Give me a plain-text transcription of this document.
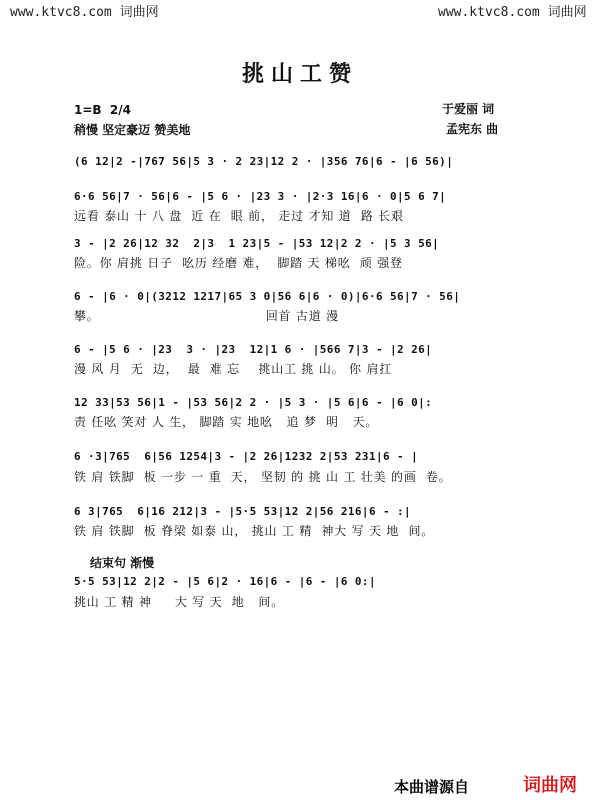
www.ktvc8.com 词曲网	www.ktvc8.com 词曲网
挑山工赞
1=B  2/4
稍慢 坚定豪迈 赞美地
于爱丽 词
孟宪东 曲
(6 12|2 -|767 56|5 3 · 2 23|12 2 · |356 76|6 - |6 56)|
6·6 56|7 · 56|6 - |5 6 · |23 3 · |2·3 16|6 · 0|5 6 7|
远看 泰山 十 八 盘  近 在  眼 前， 走过 才知 道  路 长艰
3 - |2 26|12 32  2|3  1 23|5 - |53 12|2 2 · |5 3 56|
险。你 肩挑 日子  吆历 经磨 难，  脚踏 天 梯吆  顽 强登
6 - |6 · 0|(3212 1217|65 3 0|56 6|6 · 0)|6·6 56|7 · 56|
攀。                                    回首 古道 漫
6 - |5 6 · |23  3 · |23  12|1 6 · |566 7|3 - |2 26|
漫 风 月  无  边，  最  难 忘    挑山工 挑 山。 你 肩扛
12 33|53 56|1 - |53 56|2 2 · |5 3 · |5 6|6 - |6 0|:
责 任吆 笑对 人 生， 脚踏 实 地吆   追 梦  明   天。
6 ·3|765  6|56 1254|3 - |2 26|1232 2|53 231|6 - |
铁 肩 铁脚  板 一步 一 重  天， 坚韧 的 挑 山 工 壮美 的画  卷。
6 3|765  6|16 212|3 - |5·5 53|12 2|56 216|6 - :|
铁 肩 铁脚  板 脊梁 如泰 山， 挑山 工 精  神大 写 天 地  间。
结束句 渐慢
5·5 53|12 2|2 - |5 6|2 · 16|6 - |6 - |6 0:|
挑山 工 精 神     大 写 天  地   间。
本曲谱源自	词曲网
